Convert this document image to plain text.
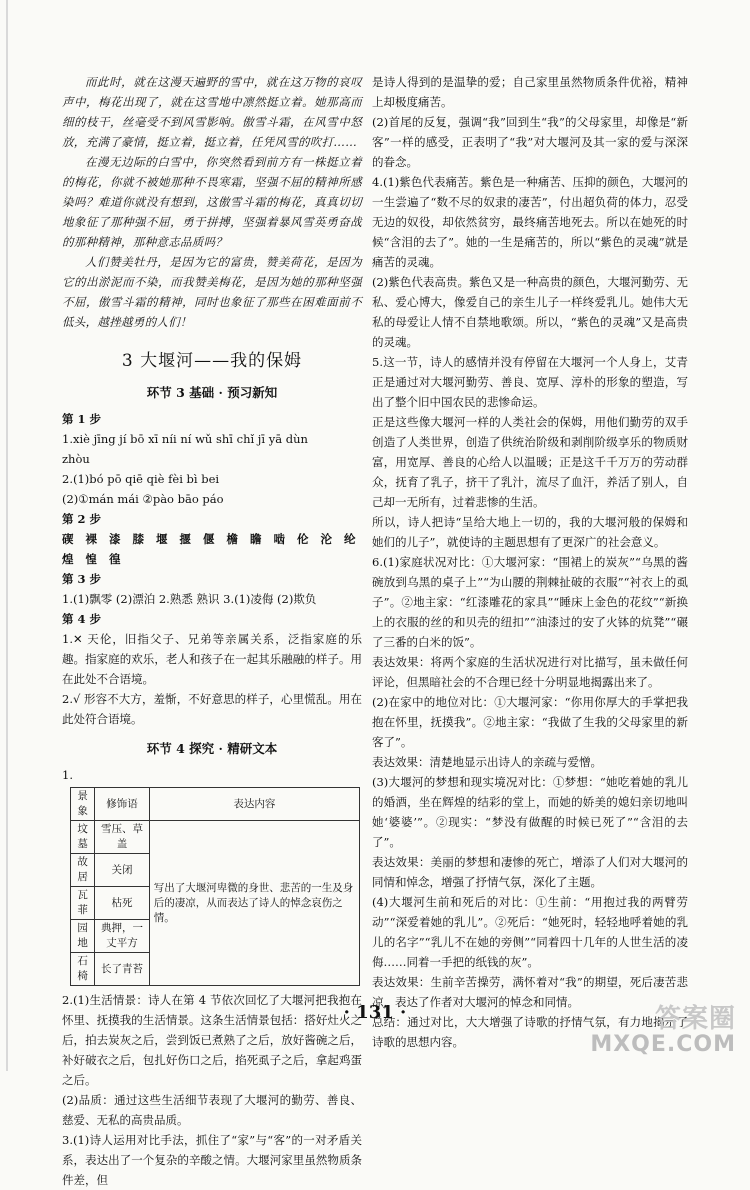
而此时，就在这漫天遍野的雪中，就在这万物的哀叹声中，梅花出现了，就在这雪地中凛然挺立着。她那高而细的枝干，丝毫受不到风雪影响。傲雪斗霜，在风雪中怒放，充满了豪情，挺立着，挺立着，任凭风雪的吹打……

在漫无边际的白雪中，你突然看到前方有一株挺立着的梅花，你就不被她那种不畏寒霜，坚强不屈的精神所感染吗？难道你就没有想到，这傲雪斗霜的梅花，真真切切地象征了那种强不屈，勇于拼搏，坚强着暴风雪英勇奋战的那种精神，那种意志品质吗？

人们赞美牡丹，是因为它的富贵，赞美荷花，是因为它的出淤泥而不染，而我赞美梅花，是因为她的那种坚强不屈，傲雪斗霜的精神，同时也象征了那些在困难面前不低头，越挫越勇的人们！

3 大堰河——我的保姆
环节 3 基础 · 预习新知

第 1 步

1.xiè jīng jí bō xī níi ní wǔ shī chǐ jī yā dùn

zhòu

2.(1)bó pō qiē qiè fèi bì bei

(2)①mán mái ②pào bāo páo

第 2 步

碶 裸 漆 膝 堰 揠 偃 檐 瞻 啮 伦 沦 纶

煌 惶 徨

第 3 步

1.(1)飘零 (2)漂泊 2.熟悉 熟识 3.(1)凌侮 (2)欺负

第 4 步

1.✕ 天伦，旧指父子、兄弟等亲属关系，泛指家庭的乐趣。指家庭的欢乐，老人和孩子在一起其乐融融的样子。用在此处不合语境。

2.√ 形容不大方，羞惭，不好意思的样子，心里慌乱。用在此处符合语境。

环节 4 探究 · 精研文本

1.

景象	修饰语	表达内容
坟墓	雪压、草盖	写出了大堰河卑微的身世、悲苦的一生及身后的凄凉，从而表达了诗人的悼念哀伤之情。
故居	关闭	
瓦菲	枯死	
园地	典押，一丈平方	
石椅	长了青苔	

2.(1)生活情景：诗人在第 4 节依次回忆了大堰河把我抱在怀里、抚摸我的生活情景。这条生活情景包括：搭好灶火之后，拍去炭灰之后，尝到饭已煮熟了之后，放好酱碗之后，补好破衣之后，包扎好伤口之后，掐死虱子之后，拿起鸡蛋之后。

(2)品质：通过这些生活细节表现了大堰河的勤劳、善良、慈爱、无私的高贵品质。

3.(1)诗人运用对比手法，抓住了“家”与“客”的一对矛盾关系，表达出了一个复杂的辛酸之情。大堰河家里虽然物质条件差，但

是诗人得到的是温挚的爱；自己家里虽然物质条件优裕，精神上却极度痛苦。

(2)首尾的反复，强调“我”回到生“我”的父母家里，却像是“新客”一样的感受，正表明了“我”对大堰河及其一家的爱与深深的眷念。

4.(1)紫色代表痛苦。紫色是一种痛苦、压抑的颜色，大堰河的一生尝遍了“数不尽的奴隶的凄苦”，付出超负荷的体力，忍受无边的奴役，却依然贫穷，最终痛苦地死去。所以在她死的时候“含泪的去了”。她的一生是痛苦的，所以“紫色的灵魂”就是痛苦的灵魂。

(2)紫色代表高贵。紫色又是一种高贵的颜色，大堰河勤劳、无私、爱心博大，像爱自己的亲生儿子一样终爱乳儿。她伟大无私的母爱让人情不自禁地歌颂。所以，“紫色的灵魂”又是高贵的灵魂。

5.这一节，诗人的感情并没有停留在大堰河一个人身上，艾青正是通过对大堰河勤劳、善良、宽厚、淳朴的形象的塑造，写出了整个旧中国农民的悲惨命运。

正是这些像大堰河一样的人类社会的保姆，用他们勤劳的双手创造了人类世界，创造了供统治阶级和剥削阶级享乐的物质财富，用宽厚、善良的心给人以温暖；正是这千千万万的劳动群众，抚育了乳子，挤干了乳汁，流尽了血汗，养活了别人，自己却一无所有，过着悲惨的生活。

所以，诗人把诗“呈给大地上一切的，我的大堰河般的保姆和她们的儿子”，就使诗的主题思想有了更深广的社会意义。

6.(1)家庭状况对比：①大堰河家：“围裙上的炭灰”“乌黑的酱碗放到乌黑的桌子上”“为山腰的荆棘扯破的衣服”“衬衣上的虱子”。②地主家：“红漆雕花的家具”“睡床上金色的花纹”“新换上的衣服的丝的和贝壳的纽扣”“油漆过的安了火钵的炕凳”“碾了三番的白米的饭”。

表达效果：将两个家庭的生活状况进行对比描写，虽未做任何评论，但黑暗社会的不合理已经十分明显地揭露出来了。

(2)在家中的地位对比：①大堰河家：“你用你厚大的手掌把我抱在怀里，抚摸我”。②地主家：“我做了生我的父母家里的新客了”。

表达效果：清楚地显示出诗人的亲疏与爱憎。

(3)大堰河的梦想和现实境况对比：①梦想：“她吃着她的乳儿的婚酒，坐在辉煌的结彩的堂上，而她的娇美的媳妇亲切地叫她‘婆婆’”。②现实：“梦没有做醒的时候已死了”“含泪的去了”。

表达效果：美丽的梦想和凄惨的死亡，增添了人们对大堰河的同情和悼念，增强了抒情气氛，深化了主题。

(4)大堰河生前和死后的对比：①生前：“用抱过我的两臂劳动”“深爱着她的乳儿”。②死后：“她死时，轻轻地呼着她的乳儿的名字”“乳儿不在她的旁侧”“同着四十几年的人世生活的凌侮……同着一手把的纸钱的灰”。

表达效果：生前辛苦操劳，满怀着对“我”的期望，死后凄苦悲凉，表达了作者对大堰河的悼念和同情。

总结：通过对比，大大增强了诗歌的抒情气氛，有力地揭示了诗歌的思想内容。

· 131 ·	答案圈
MXQE.COM
